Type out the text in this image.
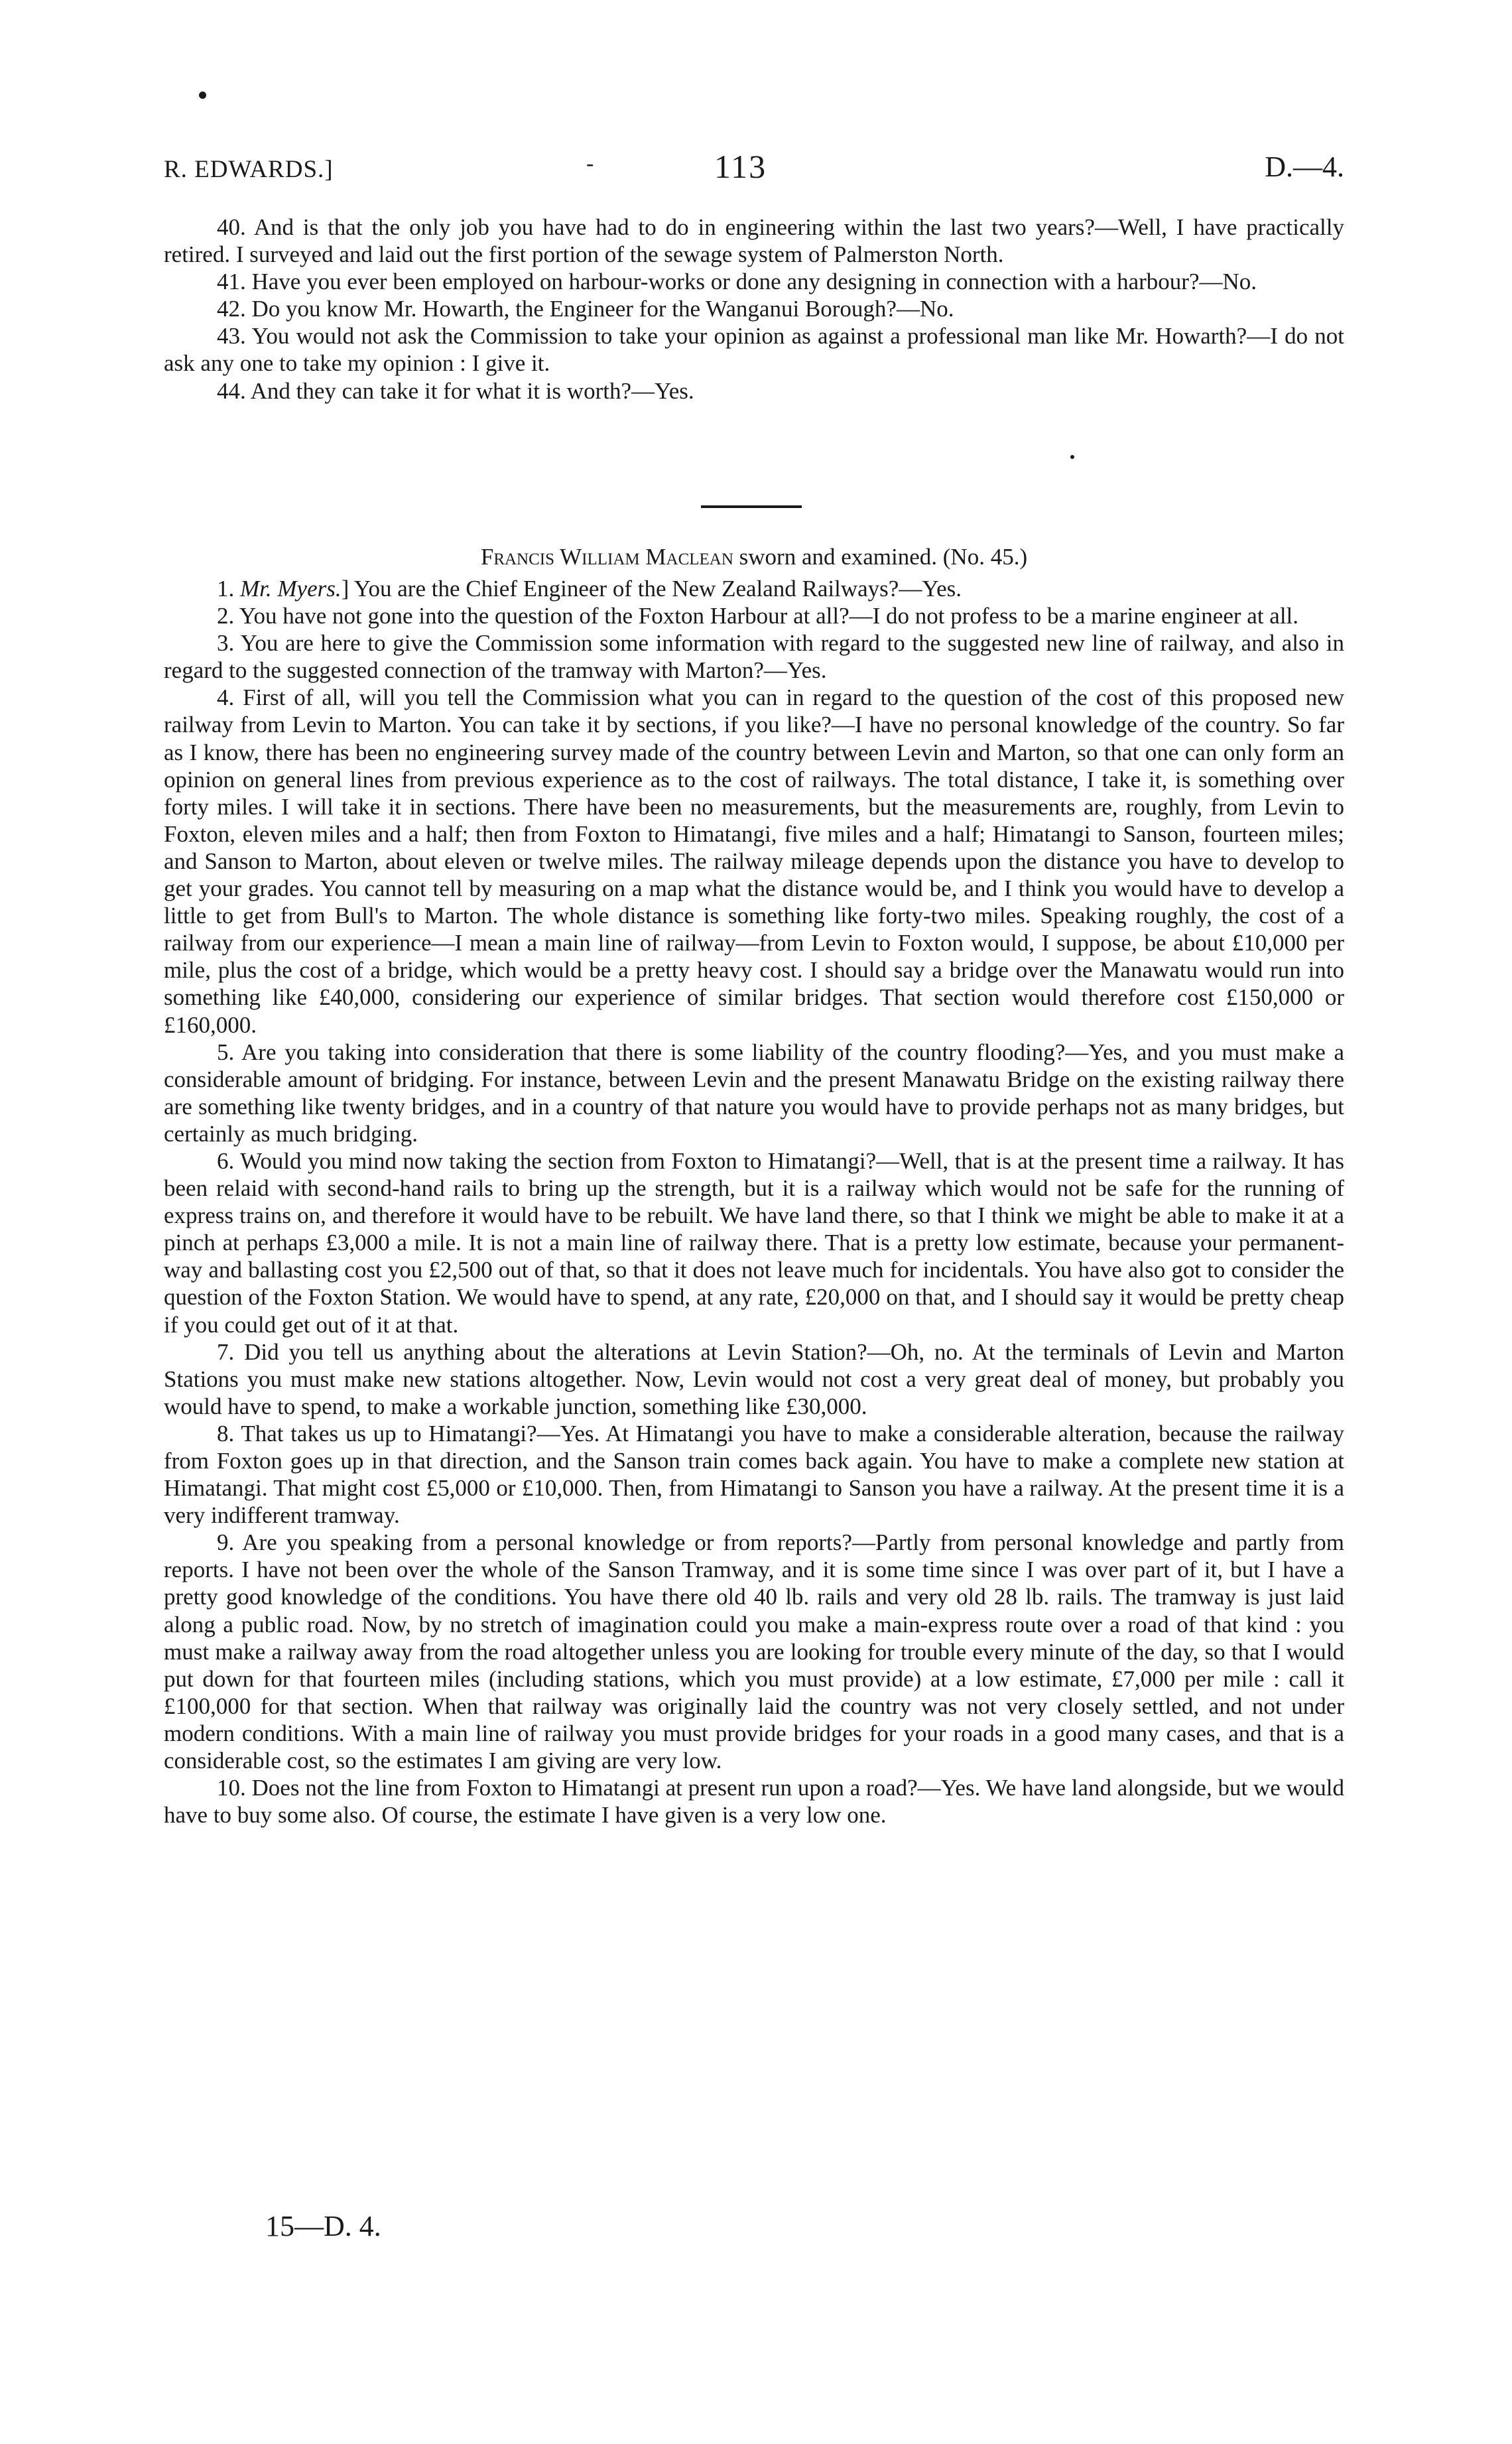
R. EDWARDS.]	-	113	D.—4.

40. And is that the only job you have had to do in engineering within the last two years?—Well, I have practically retired. I surveyed and laid out the first portion of the sewage system of Palmerston North.

41. Have you ever been employed on harbour-works or done any designing in connection with a harbour?—No.

42. Do you know Mr. Howarth, the Engineer for the Wanganui Borough?—No.

43. You would not ask the Commission to take your opinion as against a professional man like Mr. Howarth?—I do not ask any one to take my opinion : I give it.

44. And they can take it for what it is worth?—Yes.

Francis William Maclean sworn and examined. (No. 45.)

1. Mr. Myers.] You are the Chief Engineer of the New Zealand Railways?—Yes.

2. You have not gone into the question of the Foxton Harbour at all?—I do not profess to be a marine engineer at all.

3. You are here to give the Commission some information with regard to the suggested new line of railway, and also in regard to the suggested connection of the tramway with Marton?—Yes.

4. First of all, will you tell the Commission what you can in regard to the question of the cost of this proposed new railway from Levin to Marton. You can take it by sections, if you like?—I have no personal knowledge of the country. So far as I know, there has been no engineering survey made of the country between Levin and Marton, so that one can only form an opinion on general lines from previous experience as to the cost of railways. The total distance, I take it, is something over forty miles. I will take it in sections. There have been no measurements, but the measurements are, roughly, from Levin to Foxton, eleven miles and a half; then from Foxton to Himatangi, five miles and a half; Himatangi to Sanson, fourteen miles; and Sanson to Marton, about eleven or twelve miles. The railway mileage depends upon the distance you have to develop to get your grades. You cannot tell by measuring on a map what the distance would be, and I think you would have to develop a little to get from Bull's to Marton. The whole distance is something like forty-two miles. Speaking roughly, the cost of a railway from our experience—I mean a main line of railway—from Levin to Foxton would, I suppose, be about £10,000 per mile, plus the cost of a bridge, which would be a pretty heavy cost. I should say a bridge over the Manawatu would run into something like £40,000, considering our experience of similar bridges. That section would therefore cost £150,000 or £160,000.

5. Are you taking into consideration that there is some liability of the country flooding?—Yes, and you must make a considerable amount of bridging. For instance, between Levin and the present Manawatu Bridge on the existing railway there are something like twenty bridges, and in a country of that nature you would have to provide perhaps not as many bridges, but certainly as much bridging.

6. Would you mind now taking the section from Foxton to Himatangi?—Well, that is at the present time a railway. It has been relaid with second-hand rails to bring up the strength, but it is a railway which would not be safe for the running of express trains on, and therefore it would have to be rebuilt. We have land there, so that I think we might be able to make it at a pinch at perhaps £3,000 a mile. It is not a main line of railway there. That is a pretty low estimate, because your permanent-way and ballasting cost you £2,500 out of that, so that it does not leave much for incidentals. You have also got to consider the question of the Foxton Station. We would have to spend, at any rate, £20,000 on that, and I should say it would be pretty cheap if you could get out of it at that.

7. Did you tell us anything about the alterations at Levin Station?—Oh, no. At the terminals of Levin and Marton Stations you must make new stations altogether. Now, Levin would not cost a very great deal of money, but probably you would have to spend, to make a workable junction, something like £30,000.

8. That takes us up to Himatangi?—Yes. At Himatangi you have to make a considerable alteration, because the railway from Foxton goes up in that direction, and the Sanson train comes back again. You have to make a complete new station at Himatangi. That might cost £5,000 or £10,000. Then, from Himatangi to Sanson you have a railway. At the present time it is a very indifferent tramway.

9. Are you speaking from a personal knowledge or from reports?—Partly from personal knowledge and partly from reports. I have not been over the whole of the Sanson Tramway, and it is some time since I was over part of it, but I have a pretty good knowledge of the conditions. You have there old 40 lb. rails and very old 28 lb. rails. The tramway is just laid along a public road. Now, by no stretch of imagination could you make a main-express route over a road of that kind : you must make a railway away from the road altogether unless you are looking for trouble every minute of the day, so that I would put down for that fourteen miles (including stations, which you must provide) at a low estimate, £7,000 per mile : call it £100,000 for that section. When that railway was originally laid the country was not very closely settled, and not under modern conditions. With a main line of railway you must provide bridges for your roads in a good many cases, and that is a considerable cost, so the estimates I am giving are very low.

10. Does not the line from Foxton to Himatangi at present run upon a road?—Yes. We have land alongside, but we would have to buy some also. Of course, the estimate I have given is a very low one.

15—D. 4.
